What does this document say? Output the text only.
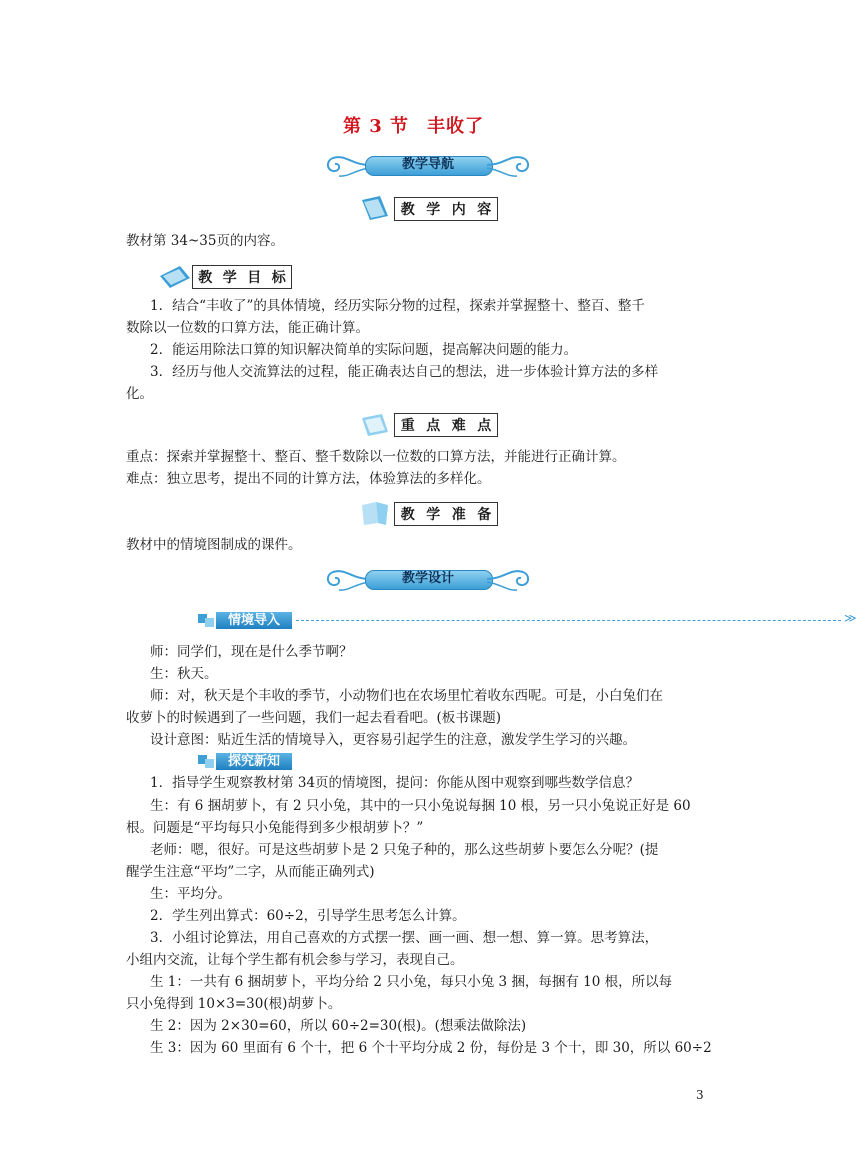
第 3 节 丰收了
教学导航
教 学 内 容
教材第 34~35页的内容。
教 学 目 标
1．结合“丰收了”的具体情境，经历实际分物的过程，探索并掌握整十、整百、整千
数除以一位数的口算方法，能正确计算。
2．能运用除法口算的知识解决简单的实际问题，提高解决问题的能力。
3．经历与他人交流算法的过程，能正确表达自己的想法，进一步体验计算方法的多样
化。
重 点 难 点
重点：探索并掌握整十、整百、整千数除以一位数的口算方法，并能进行正确计算。
难点：独立思考，提出不同的计算方法，体验算法的多样化。
教 学 准 备
教材中的情境图制成的课件。
教学设计
情境导入	≫
师：同学们，现在是什么季节啊？
生：秋天。
师：对，秋天是个丰收的季节，小动物们也在农场里忙着收东西呢。可是，小白兔们在
收萝卜的时候遇到了一些问题，我们一起去看看吧。(板书课题)
设计意图：贴近生活的情境导入，更容易引起学生的注意，激发学生学习的兴趣。
探究新知
1．指导学生观察教材第 34页的情境图，提问：你能从图中观察到哪些数学信息？
生：有 6 捆胡萝卜，有 2 只小兔，其中的一只小兔说每捆 10 根，另一只小兔说正好是 60
根。问题是“平均每只小兔能得到多少根胡萝卜？”
老师：嗯，很好。可是这些胡萝卜是 2 只兔子种的，那么这些胡萝卜要怎么分呢？(提
醒学生注意“平均”二字，从而能正确列式)
生：平均分。
2．学生列出算式：60÷2，引导学生思考怎么计算。
3．小组讨论算法，用自己喜欢的方式摆一摆、画一画、想一想、算一算。思考算法，
小组内交流，让每个学生都有机会参与学习，表现自己。
生 1：一共有 6 捆胡萝卜，平均分给 2 只小兔，每只小兔 3 捆，每捆有 10 根，所以每
只小兔得到 10×3=30(根)胡萝卜。
生 2：因为 2×30=60，所以 60÷2=30(根)。(想乘法做除法)
生 3：因为 60 里面有 6 个十，把 6 个十平均分成 2 份，每份是 3 个十，即 30，所以 60÷2
3
